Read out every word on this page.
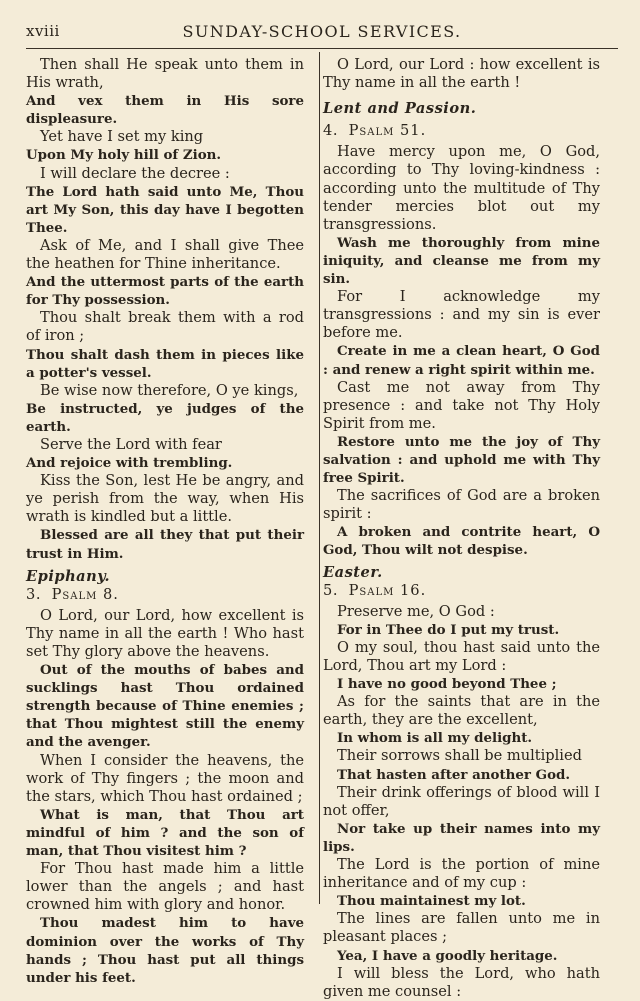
xviii	SUNDAY-SCHOOL SERVICES.

Then shall He speak unto them in His wrath,

And vex them in His sore displeasure.

Yet have I set my king

Upon My holy hill of Zion.

I will declare the decree :

The Lord hath said unto Me, Thou art My Son, this day have I begotten Thee.

Ask of Me, and I shall give Thee the heathen for Thine inheritance.

And the uttermost parts of the earth for Thy possession.

Thou shalt break them with a rod of iron ;

Thou shalt dash them in pieces like a potter's vessel.

Be wise now therefore, O ye kings,

Be instructed, ye judges of the earth.

Serve the Lord with fear

And rejoice with trembling.

Kiss the Son, lest He be angry, and ye perish from the way, when His wrath is kindled but a little.

Blessed are all they that put their trust in Him.

Epiphany.

3. Psalm 8.

O Lord, our Lord, how excellent is Thy name in all the earth ! Who hast set Thy glory above the heavens.

Out of the mouths of babes and sucklings hast Thou ordained strength because of Thine enemies ; that Thou mightest still the enemy and the avenger.

When I consider the heavens, the work of Thy fingers ; the moon and the stars, which Thou hast ordained ;

What is man, that Thou art mindful of him ? and the son of man, that Thou visitest him ?

For Thou hast made him a little lower than the angels ; and hast crowned him with glory and honor.

Thou madest him to have dominion over the works of Thy hands ; Thou hast put all things under his feet.

O Lord, our Lord : how excellent is Thy name in all the earth !

Lent and Passion.

4. Psalm 51.

Have mercy upon me, O God, according to Thy loving-kindness : according unto the multitude of Thy tender mercies blot out my transgressions.

Wash me thoroughly from mine iniquity, and cleanse me from my sin.

For I acknowledge my transgressions : and my sin is ever before me.

Create in me a clean heart, O God : and renew a right spirit within me.

Cast me not away from Thy presence : and take not Thy Holy Spirit from me.

Restore unto me the joy of Thy salvation : and uphold me with Thy free Spirit.

The sacrifices of God are a broken spirit :

A broken and contrite heart, O God, Thou wilt not despise.

Easter.

5. Psalm 16.

Preserve me, O God :

For in Thee do I put my trust.

O my soul, thou hast said unto the Lord, Thou art my Lord :

I have no good beyond Thee ;

As for the saints that are in the earth, they are the excellent,

In whom is all my delight.

Their sorrows shall be multiplied

That hasten after another God.

Their drink offerings of blood will I not offer,

Nor take up their names into my lips.

The Lord is the portion of mine inheritance and of my cup :

Thou maintainest my lot.

The lines are fallen unto me in pleasant places ;

Yea, I have a goodly heritage.

I will bless the Lord, who hath given me counsel :
